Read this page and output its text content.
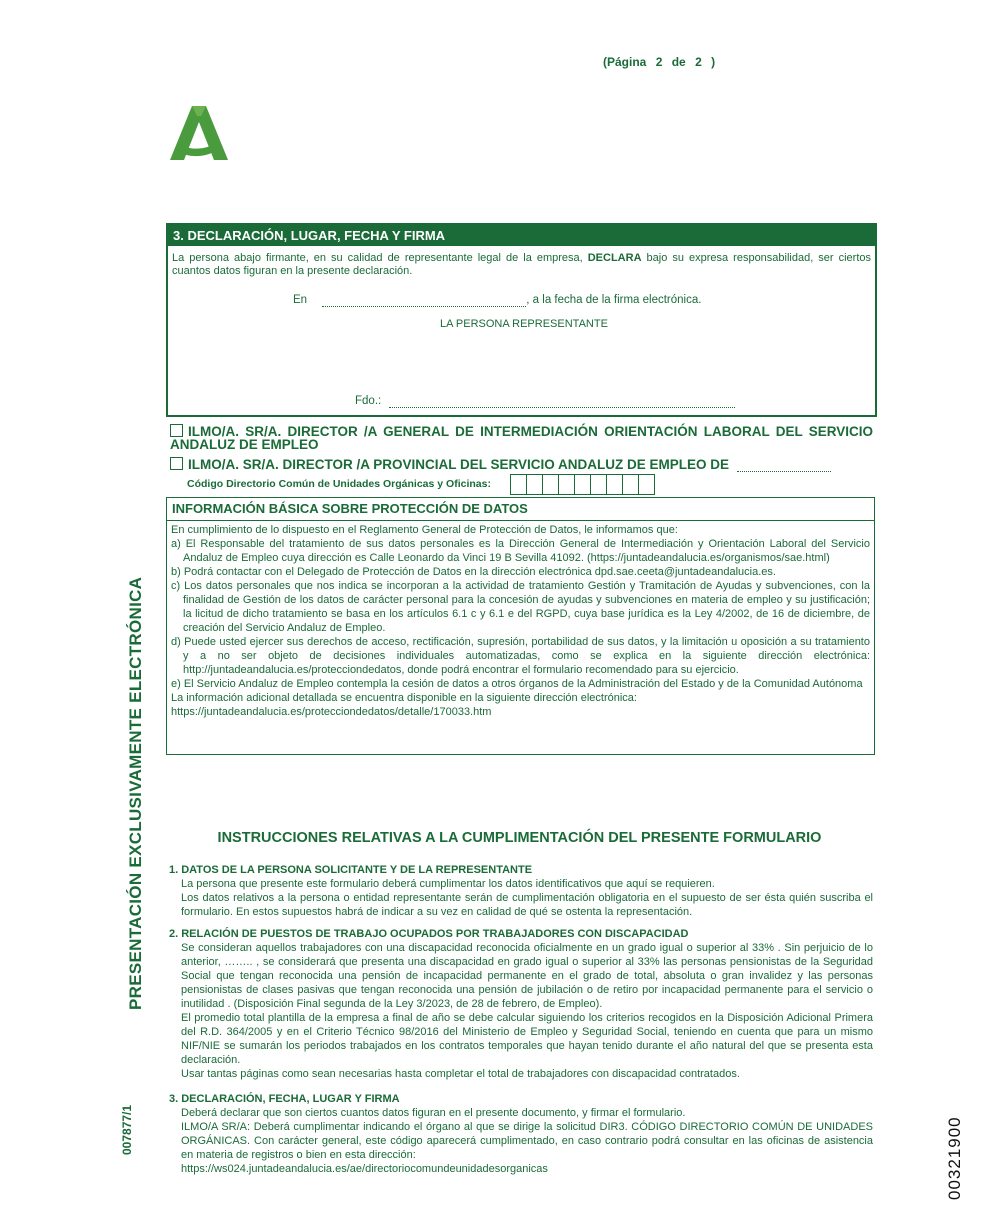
(Página 2 de 2 )
PRESENTACIÓN EXCLUSIVAMENTE ELECTRÓNICA
007877/1	00321900
3. DECLARACIÓN, LUGAR, FECHA Y FIRMA
La persona abajo firmante, en su calidad de representante legal de la empresa, DECLARA bajo su expresa responsabilidad, ser ciertos cuantos datos figuran en la presente declaración.
En	, a la fecha de la firma electrónica.
LA PERSONA REPRESENTANTE
Fdo.:
ILMO/A. SR/A. DIRECTOR /A GENERAL DE INTERMEDIACIÓN ORIENTACIÓN LABORAL DEL SERVICIO ANDALUZ DE EMPLEO
ILMO/A. SR/A. DIRECTOR /A PROVINCIAL DEL SERVICIO ANDALUZ DE EMPLEO DE
Código Directorio Común de Unidades Orgánicas y Oficinas:
INFORMACIÓN BÁSICA SOBRE PROTECCIÓN DE DATOS

En cumplimiento de lo dispuesto en el Reglamento General de Protección de Datos, le informamos que:

a) El Responsable del tratamiento de sus datos personales es la Dirección General de Intermediación y Orientación Laboral del Servicio Andaluz de Empleo cuya dirección es Calle Leonardo da Vinci 19 B Sevilla 41092. (https://juntadeandalucia.es/organismos/sae.html)

b) Podrá contactar con el Delegado de Protección de Datos en la dirección electrónica dpd.sae.ceeta@juntadeandalucia.es.

c) Los datos personales que nos indica se incorporan a la actividad de tratamiento Gestión y Tramitación de Ayudas y subvenciones, con la finalidad de Gestión de los datos de carácter personal para la concesión de ayudas y subvenciones en materia de empleo y su justificación; la licitud de dicho tratamiento se basa en los artículos 6.1 c y 6.1 e del RGPD, cuya base jurídica es la Ley 4/2002, de 16 de diciembre, de creación del Servicio Andaluz de Empleo.

d) Puede usted ejercer sus derechos de acceso, rectificación, supresión, portabilidad de sus datos, y la limitación u oposición a su tratamiento y a no ser objeto de decisiones individuales automatizadas, como se explica en la siguiente dirección electrónica: http://juntadeandalucia.es/protecciondedatos, donde podrá encontrar el formulario recomendado para su ejercicio.

e) El Servicio Andaluz de Empleo contempla la cesión de datos a otros órganos de la Administración del Estado y de la Comunidad Autónoma

La información adicional detallada se encuentra disponible en la siguiente dirección electrónica:

https://juntadeandalucia.es/protecciondedatos/detalle/170033.htm

INSTRUCCIONES RELATIVAS A LA CUMPLIMENTACIÓN DEL PRESENTE FORMULARIO

1. DATOS DE LA PERSONA SOLICITANTE Y DE LA REPRESENTANTE

La persona que presente este formulario deberá cumplimentar los datos identificativos que aquí se requieren.

Los datos relativos a la persona o entidad representante serán de cumplimentación obligatoria en el supuesto de ser ésta quién suscriba el formulario. En estos supuestos habrá de indicar a su vez en calidad de qué se ostenta la representación.

2. RELACIÓN DE PUESTOS DE TRABAJO OCUPADOS POR TRABAJADORES CON DISCAPACIDAD

Se consideran aquellos trabajadores con una discapacidad reconocida oficialmente en un grado igual o superior al 33% . Sin perjuicio de lo anterior, …….. , se considerará que presenta una discapacidad en grado igual o superior al 33% las personas pensionistas de la Seguridad Social que tengan reconocida una pensión de incapacidad permanente en el grado de total, absoluta o gran invalidez y las personas pensionistas de clases pasivas que tengan reconocida una pensión de jubilación o de retiro por incapacidad permanente para el servicio o inutilidad . (Disposición Final segunda de la Ley 3/2023, de 28 de febrero, de Empleo).

El promedio total plantilla de la empresa a final de año se debe calcular siguiendo los criterios recogidos en la Disposición Adicional Primera del R.D. 364/2005 y en el Criterio Técnico 98/2016 del Ministerio de Empleo y Seguridad Social, teniendo en cuenta que para un mismo NIF/NIE se sumarán los periodos trabajados en los contratos temporales que hayan tenido durante el año natural del que se presenta esta declaración.

Usar tantas páginas como sean necesarias hasta completar el total de trabajadores con discapacidad contratados.

3. DECLARACIÓN, FECHA, LUGAR Y FIRMA

Deberá declarar que son ciertos cuantos datos figuran en el presente documento, y firmar el formulario.

ILMO/A SR/A: Deberá cumplimentar indicando el órgano al que se dirige la solicitud DIR3. CÓDIGO DIRECTORIO COMÚN DE UNIDADES ORGÁNICAS. Con carácter general, este código aparecerá cumplimentado, en caso contrario podrá consultar en las oficinas de asistencia en materia de registros o bien en esta dirección:

https://ws024.juntadeandalucia.es/ae/directoriocomundeunidadesorganicas
